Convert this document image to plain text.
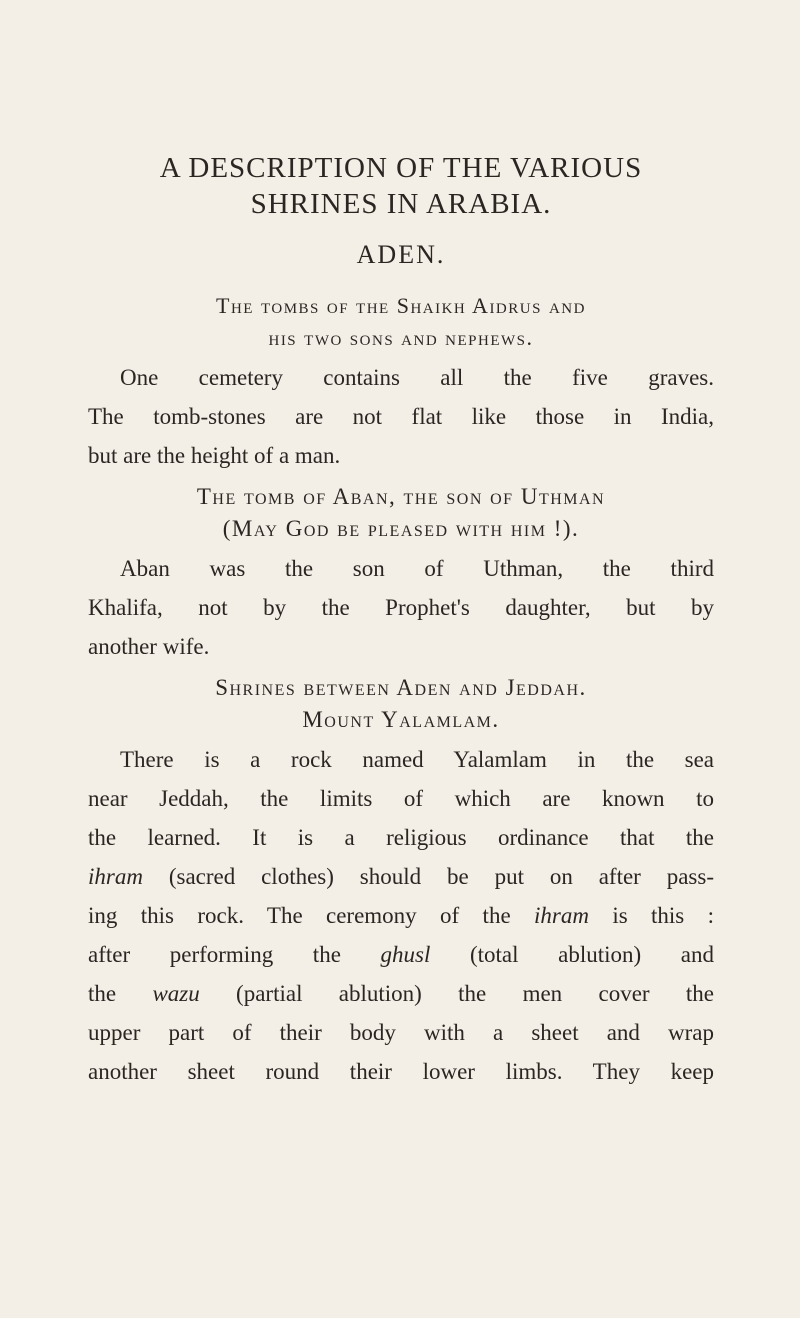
A DESCRIPTION OF THE VARIOUS
SHRINES IN ARABIA.
ADEN.
The tombs of the Shaikh Aidrus and
his two sons and nephews.
One cemetery contains all the five graves.
The tomb-stones are not flat like those in India,
but are the height of a man.
The tomb of Aban, the son of Uthman
(May God be pleased with him !).
Aban was the son of Uthman, the third
Khalifa, not by the Prophet's daughter, but by
another wife.
Shrines between Aden and Jeddah.
Mount Yalamlam.
There is a rock named Yalamlam in the sea
near Jeddah, the limits of which are known to
the learned. It is a religious ordinance that the
ihram (sacred clothes) should be put on after pass-
ing this rock. The ceremony of the ihram is this :
after performing the ghusl (total ablution) and
the wazu (partial ablution) the men cover the
upper part of their body with a sheet and wrap
another sheet round their lower limbs. They keep
